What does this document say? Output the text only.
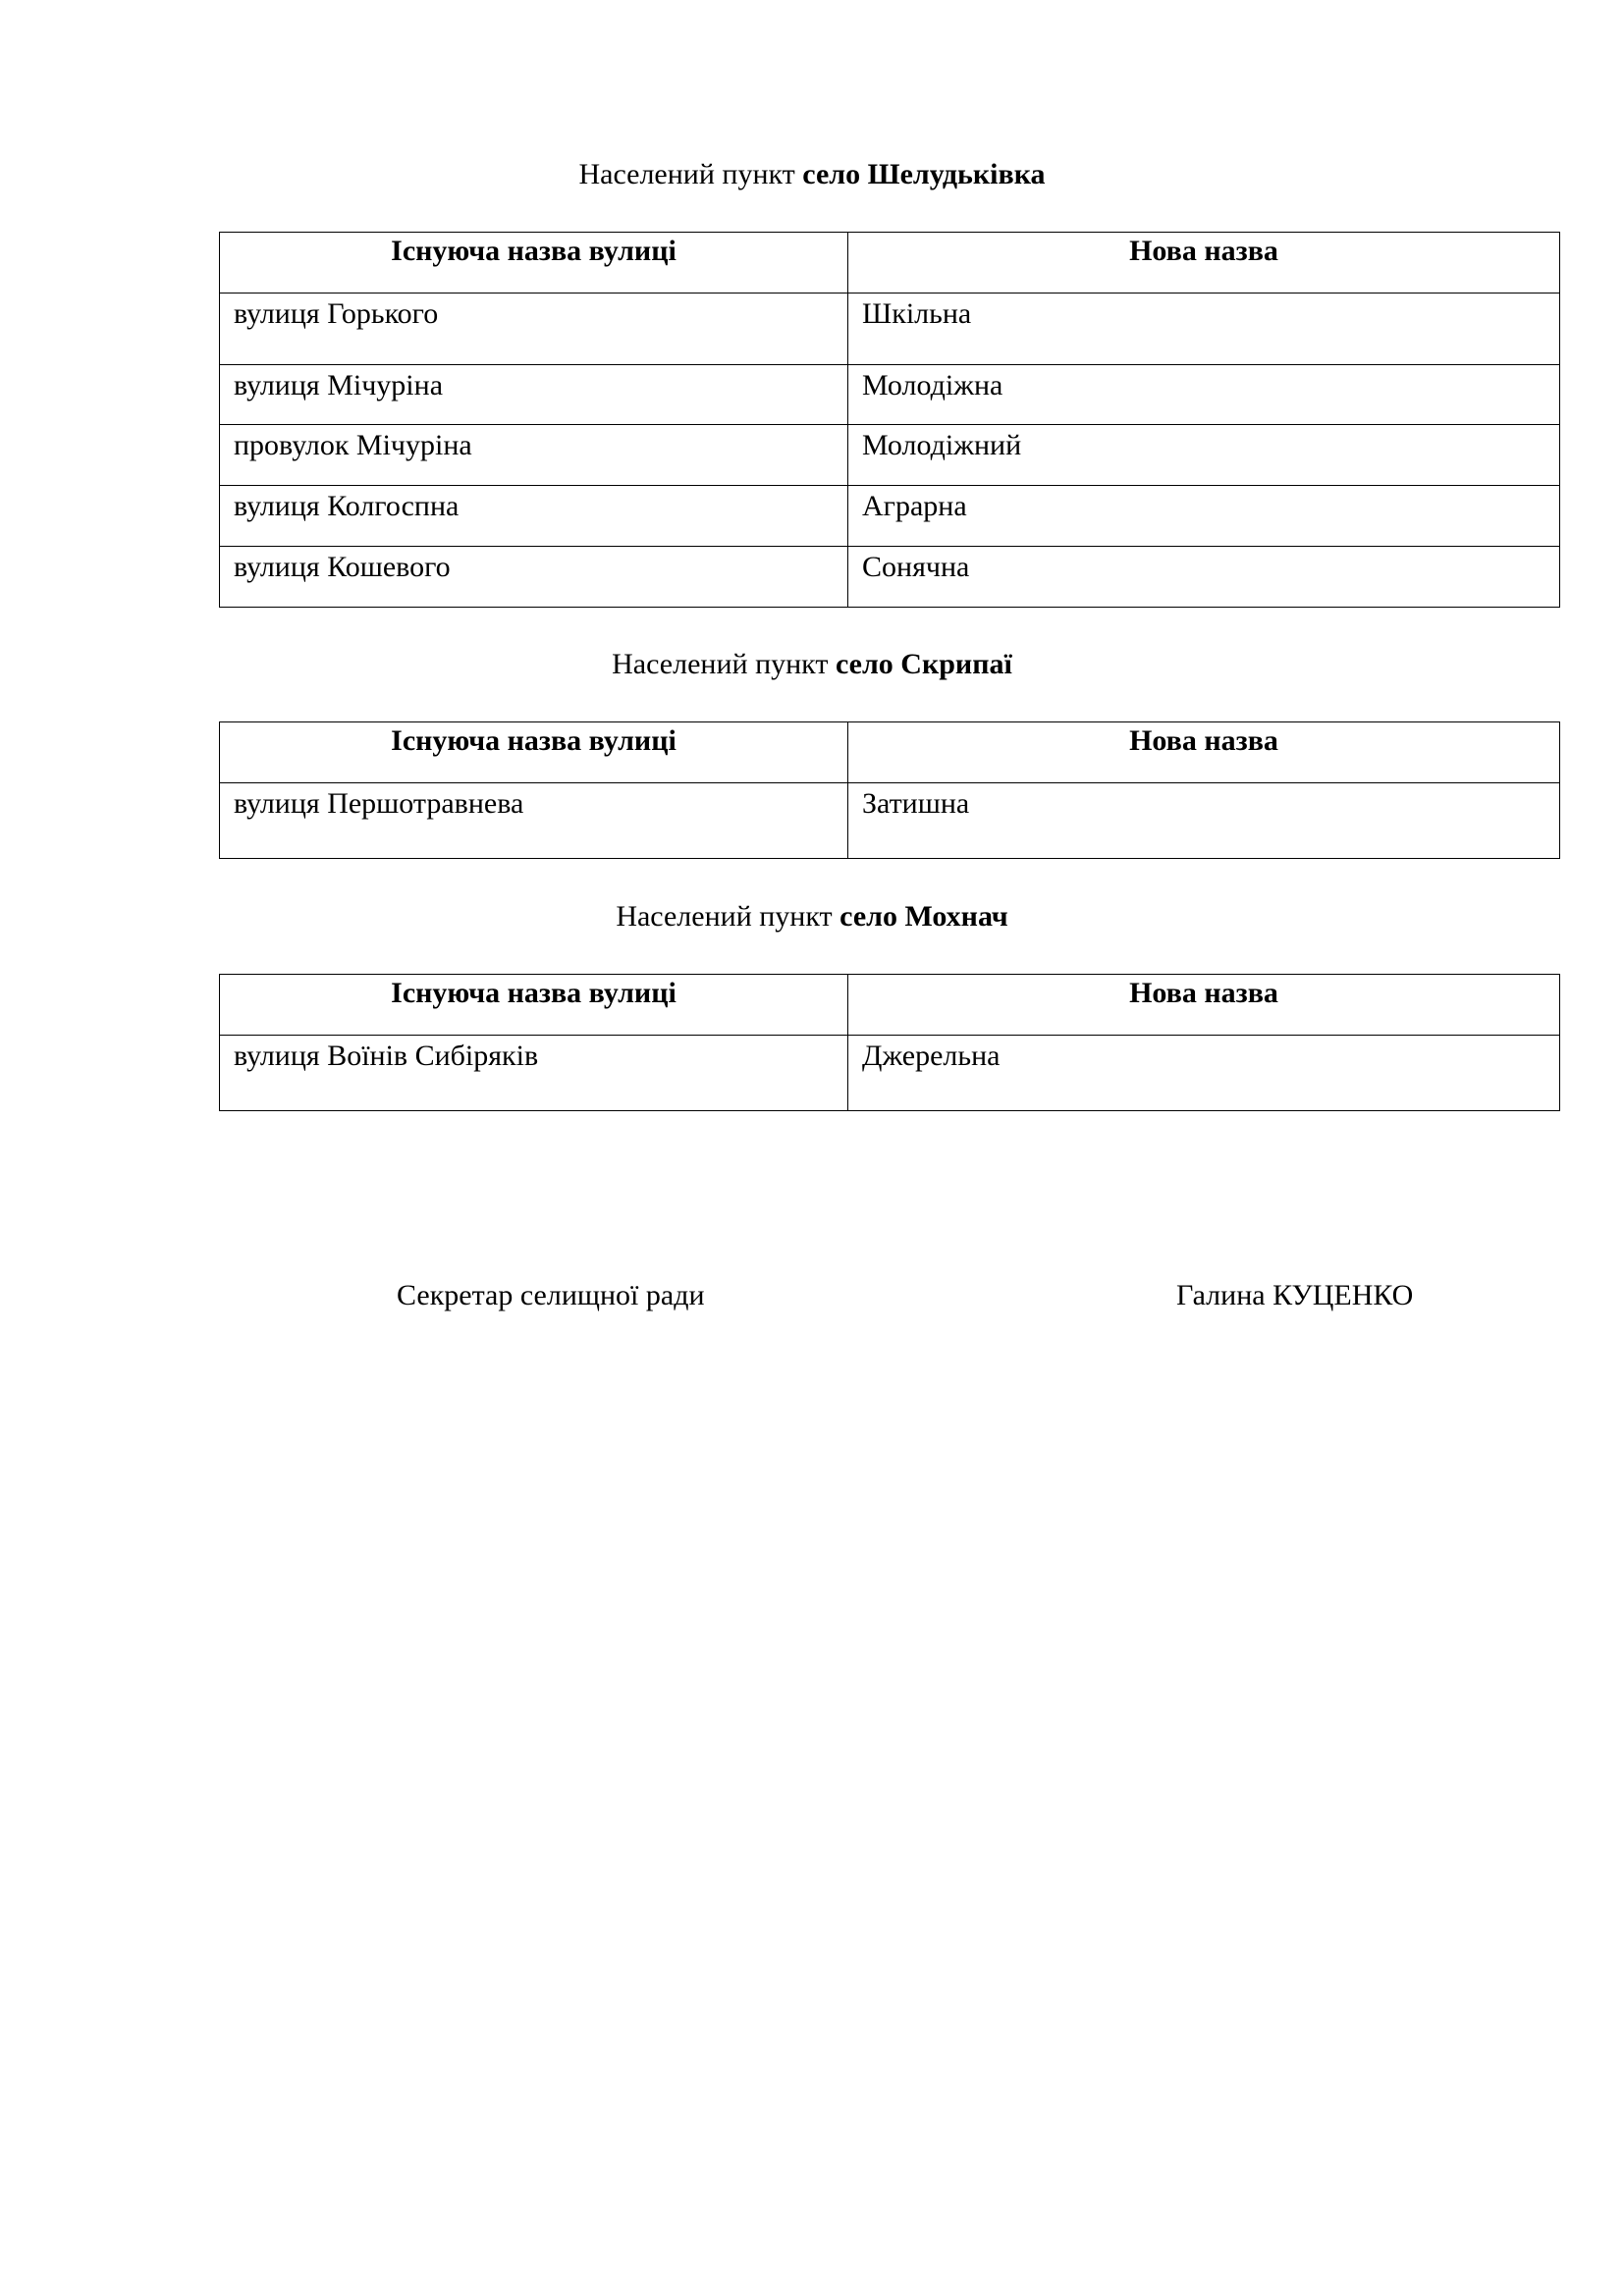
Населений пункт село Шелудьківка

Існуюча назва вулиці	Нова назва
вулиця Горького	Шкільна
вулиця Мічуріна	Молодіжна
провулок Мічуріна	Молодіжний
вулиця Колгоспна	Аграрна
вулиця Кошевого	Сонячна

Населений пункт село Скрипаї

Існуюча назва вулиці	Нова назва
вулиця Першотравнева	Затишна

Населений пункт село Мохнач

Існуюча назва вулиці	Нова назва
вулиця Воїнів Сибіряків	Джерельна
Секретар селищної ради	Галина КУЦЕНКО
